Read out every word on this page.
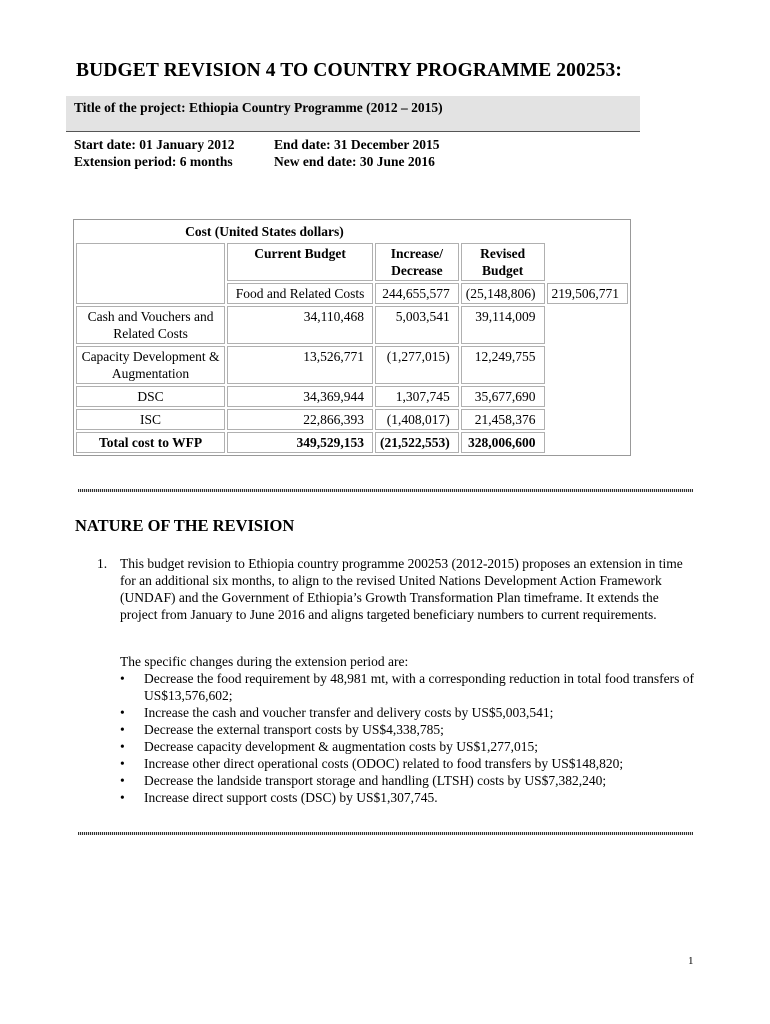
BUDGET REVISION 4 TO COUNTRY PROGRAMME 200253:
Title of the project: Ethiopia Country Programme (2012 – 2015)
Start date: 01 January 2012	End date: 31 December 2015
Extension period: 6 months	New end date: 30 June 2016
	Cost (United States dollars)			
	Current Budget	Increase/ Decrease	Revised Budget	
	Food and Related Costs	244,655,577	(25,148,806)	219,506,771
Cash and Vouchers and Related Costs	34,110,468	5,003,541	39,114,009	
Capacity Development & Augmentation	13,526,771	(1,277,015)	12,249,755	
DSC	34,369,944	1,307,745	35,677,690	
ISC	22,866,393	(1,408,017)	21,458,376	
Total cost to WFP	349,529,153	(21,522,553)	328,006,600	
NATURE OF THE REVISION
1. This budget revision to Ethiopia country programme 200253 (2012-2015) proposes an extension in time for an additional six months, to align to the revised United Nations Development Action Framework (UNDAF) and the Government of Ethiopia’s Growth Transformation Plan timeframe. It extends the project from January to June 2016 and aligns targeted beneficiary numbers to current requirements.
The specific changes during the extension period are:
• Decrease the food requirement by 48,981 mt, with a corresponding reduction in total food transfers of US$13,576,602;
• Increase the cash and voucher transfer and delivery costs by US$5,003,541;
• Decrease the external transport costs by US$4,338,785;
• Decrease capacity development & augmentation costs by US$1,277,015;
• Increase other direct operational costs (ODOC) related to food transfers by US$148,820;
• Decrease the landside transport storage and handling (LTSH) costs by US$7,382,240;
• Increase direct support costs (DSC) by US$1,307,745.
1
